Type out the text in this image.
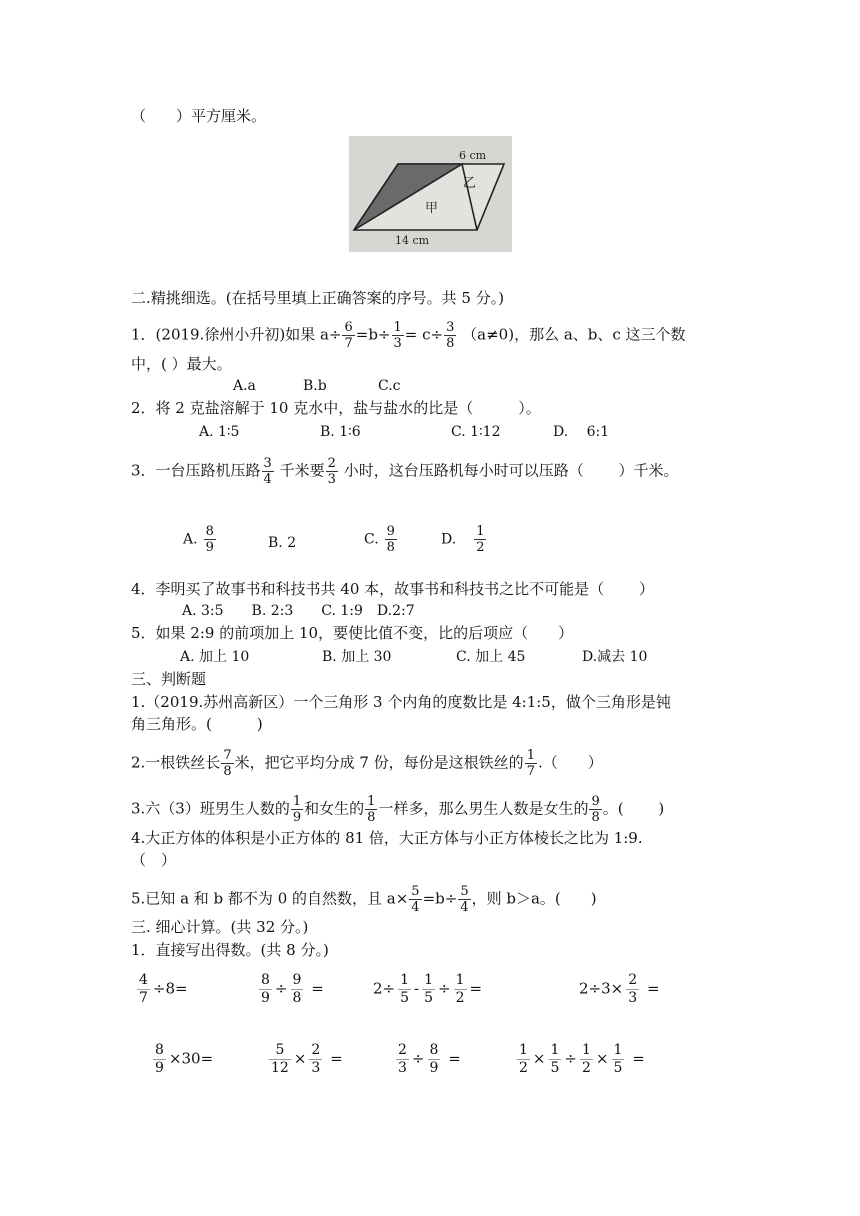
（　　）平方厘米。
6 cm
乙
甲
14 cm
二.精挑细选。(在括号里填上正确答案的序号。共 5 分。)
1．(2019.徐州小升初)如果 $a\div \frac{6}{7} =b\div \frac{1}{3} = c\div \frac{3}{8} (a\ne 0)$，那么 a、b、c 这三个数
中，( ）最大。
A.a	B.b	C.c
2．将 2 克盐溶解于 10 克水中，盐与盐水的比是（　　　）。
A. 1∶5	B. 1∶6	C. 1∶12	D.　 6:1
3．一台压路机压路 $\frac{3}{4}$ 千米要 $\frac{2}{3}$ 小时，这台压路机每小时可以压路（　　 ）千米。
A. $\frac{8}{9}$	B. 2	C. $\frac{9}{8}$	D. $\frac{1}{2}$
4．李明买了故事书和科技书共 40 本，故事书和科技书之比不可能是（　　 ）
A. 3:5　　B. 2:3　　C. 1:9　D.2:7
5．如果 2:9 的前项加上 10，要使比值不变，比的后项应（　　）
A. 加上 10	B. 加上 30	C. 加上 45	D.减去 10
三、判断题
1.（2019.苏州高新区）一个三角形 3 个内角的度数比是 4:1:5，做个三角形是钝
角三角形。(　　　)
2.一根铁丝长 $\frac{7}{8}$ 米，把它平均分成 7 份，每份是这根铁丝的 $\frac{1}{7}$ .（　　）
3.六（3）班男生人数的 $\frac{1}{9}$ 和女生的 $\frac{1}{8}$ 一样多，那么男生人数是女生的 $\frac{9}{8}$ 。(　　 )
4.大正方体的体积是小正方体的 81 倍，大正方体与小正方体棱长之比为 1:9.
（　）
5.已知 a 和 b 都不为 0 的自然数，且 $a\times \frac{5}{4} =b\div \frac{5}{4}$ ，则 b＞a。(　　)
三. 细心计算。(共 32 分。)
1．直接写出得数。(共 8 分。)
$\frac{4}{7} \div 8=$	$\frac{8}{9} \div \frac{9}{8}$ =	$2\div \frac{1}{5} - \frac{1}{5} \div \frac{1}{2}$ =	$2\div 3\times \frac{2}{3}$ =
$\frac{8}{9} \times 30=$	$\frac{5}{12} \times \frac{2}{3}$ =	$\frac{2}{3} \div \frac{8}{9}$ =	$\frac{1}{2} \times \frac{1}{5} \div \frac{1}{2} \times \frac{1}{5}$ =
